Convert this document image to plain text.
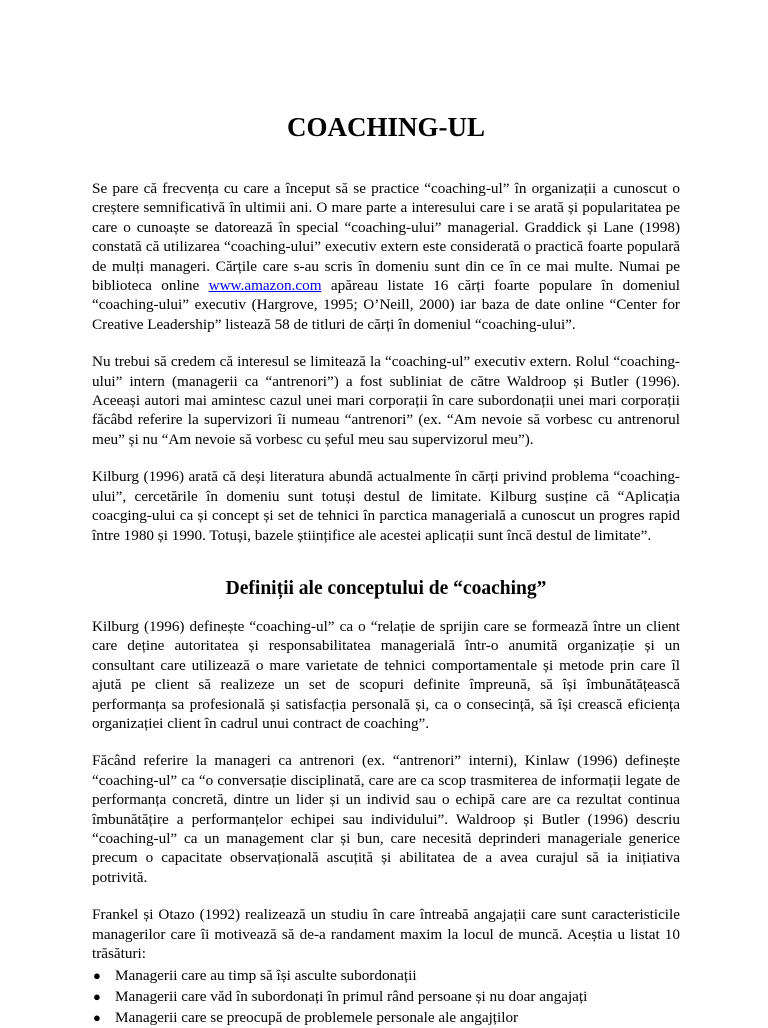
COACHING-UL

Se pare că frecvența cu care a început să se practice “coaching-ul” în organizații a cunoscut o creștere semnificativă în ultimii ani. O mare parte a interesului care i se arată și popularitatea pe care o cunoaște se datorează în special “coaching-ului” managerial. Graddick și Lane (1998) constată că utilizarea “coaching-ului” executiv extern este considerată o practică foarte populară de mulți manageri. Cărțile care s-au scris în domeniu sunt din ce în ce mai multe. Numai pe biblioteca online www.amazon.com apăreau listate 16 cărți foarte populare în domeniul “coaching-ului” executiv (Hargrove, 1995; O’Neill, 2000) iar baza de date online “Center for Creative Leadership” listează 58 de titluri de cărți în domeniul “coaching-ului”.

Nu trebui să credem că interesul se limitează la “coaching-ul” executiv extern. Rolul “coaching-ului” intern (managerii ca “antrenori”) a fost subliniat de către Waldroop și Butler (1996). Aceeași autori mai amintesc cazul unei mari corporații în care subordonații unei mari corporații făcâbd referire la supervizori îi numeau “antrenori” (ex. “Am nevoie să vorbesc cu antrenorul meu” și nu “Am nevoie să vorbesc cu șeful meu sau supervizorul meu”).

Kilburg (1996) arată că deși literatura abundă actualmente în cărți privind problema “coaching-ului”, cercetările în domeniu sunt totuși destul de limitate. Kilburg susține că “Aplicația coacging-ului ca și concept și set de tehnici în parctica managerială a cunoscut un progres rapid între 1980 și 1990. Totuși, bazele științifice ale acestei aplicații sunt încă destul de limitate”.

Definiții ale conceptului de “coaching”

Kilburg (1996) definește “coaching-ul” ca o “relație de sprijin care se formează între un client care deține autoritatea și responsabilitatea managerială într-o anumită organizație și un consultant care utilizează o mare varietate de tehnici comportamentale și metode prin care îl ajută pe client să realizeze un set de scopuri definite împreună, să își îmbunătățească performanța sa profesională și satisfacția personală și, ca o consecință, să își crească eficiența organizației client în cadrul unui contract de coaching”.

Făcând referire la manageri ca antrenori (ex. “antrenori” interni), Kinlaw (1996) definește “coaching-ul” ca “o conversație disciplinată, care are ca scop trasmiterea de informații legate de performanța concretă, dintre un lider și un individ sau o echipă care are ca rezultat continua îmbunătățire a performanțelor echipei sau individului”. Waldroop și Butler (1996) descriu “coaching-ul” ca un management clar și bun, care necesită deprinderi manageriale generice precum o capacitate observațională ascuțită și abilitatea de a avea curajul să ia inițiativa potrivită.

Frankel și Otazo (1992) realizează un studiu în care întreabă angajații care sunt caracteristicile managerilor care îi motivează să de-a randament maxim la locul de muncă. Aceștia u listat 10 trăsături:

● Managerii care au timp să își asculte subordonații
● Managerii care văd în subordonați în primul rând persoane și nu doar angajați
● Managerii care se preocupă de problemele personale ale angajților
